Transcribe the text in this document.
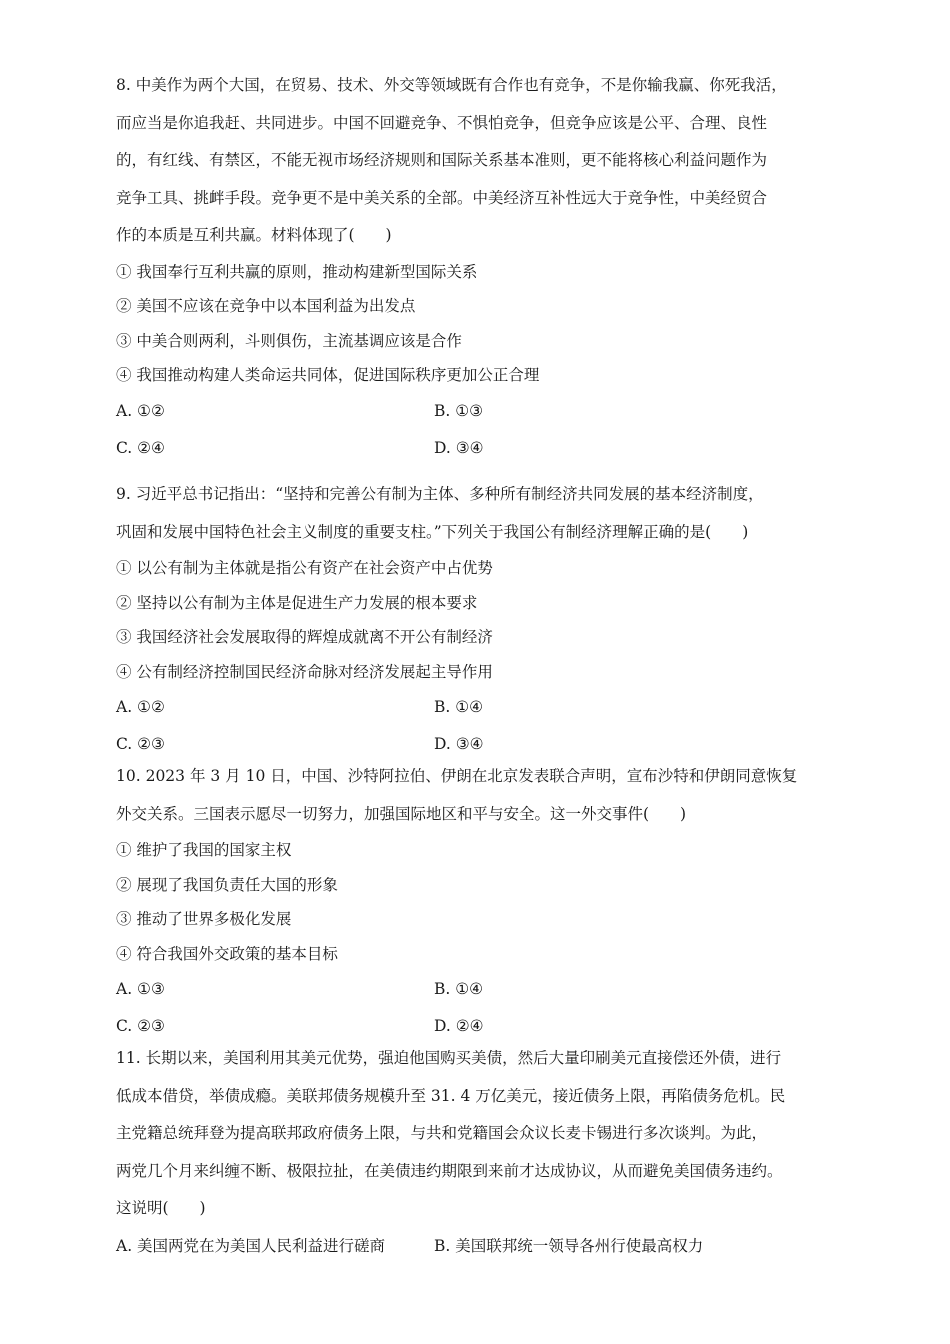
8. 中美作为两个大国，在贸易、技术、外交等领域既有合作也有竞争，不是你输我赢、你死我活，
而应当是你追我赶、共同进步。中国不回避竞争、不惧怕竞争，但竞争应该是公平、合理、良性
的，有红线、有禁区，不能无视市场经济规则和国际关系基本准则，更不能将核心利益问题作为
竞争工具、挑衅手段。竞争更不是中美关系的全部。中美经济互补性远大于竞争性，中美经贸合
作的本质是互利共赢。材料体现了(　　)
① 我国奉行互利共赢的原则，推动构建新型国际关系
② 美国不应该在竞争中以本国利益为出发点
③ 中美合则两利，斗则俱伤，主流基调应该是合作
④ 我国推动构建人类命运共同体，促进国际秩序更加公正合理
A. ①②	B. ①③
C. ②④	D. ③④
9. 习近平总书记指出：“坚持和完善公有制为主体、多种所有制经济共同发展的基本经济制度，
巩固和发展中国特色社会主义制度的重要支柱。”下列关于我国公有制经济理解正确的是(　　)
① 以公有制为主体就是指公有资产在社会资产中占优势
② 坚持以公有制为主体是促进生产力发展的根本要求
③ 我国经济社会发展取得的辉煌成就离不开公有制经济
④ 公有制经济控制国民经济命脉对经济发展起主导作用
A. ①②	B. ①④
C. ②③	D. ③④
10. 2023 年 3 月 10 日，中国、沙特阿拉伯、伊朗在北京发表联合声明，宣布沙特和伊朗同意恢复
外交关系。三国表示愿尽一切努力，加强国际地区和平与安全。这一外交事件(　　)
① 维护了我国的国家主权
② 展现了我国负责任大国的形象
③ 推动了世界多极化发展
④ 符合我国外交政策的基本目标
A. ①③	B. ①④
C. ②③	D. ②④
11. 长期以来，美国利用其美元优势，强迫他国购买美债，然后大量印刷美元直接偿还外债，进行
低成本借贷，举债成瘾。美联邦债务规模升至 31. 4 万亿美元，接近债务上限，再陷债务危机。民
主党籍总统拜登为提高联邦政府债务上限，与共和党籍国会众议长麦卡锡进行多次谈判。为此，
两党几个月来纠缠不断、极限拉扯，在美债违约期限到来前才达成协议，从而避免美国债务违约。
这说明(　　)
A. 美国两党在为美国人民利益进行磋商	B. 美国联邦统一领导各州行使最高权力
